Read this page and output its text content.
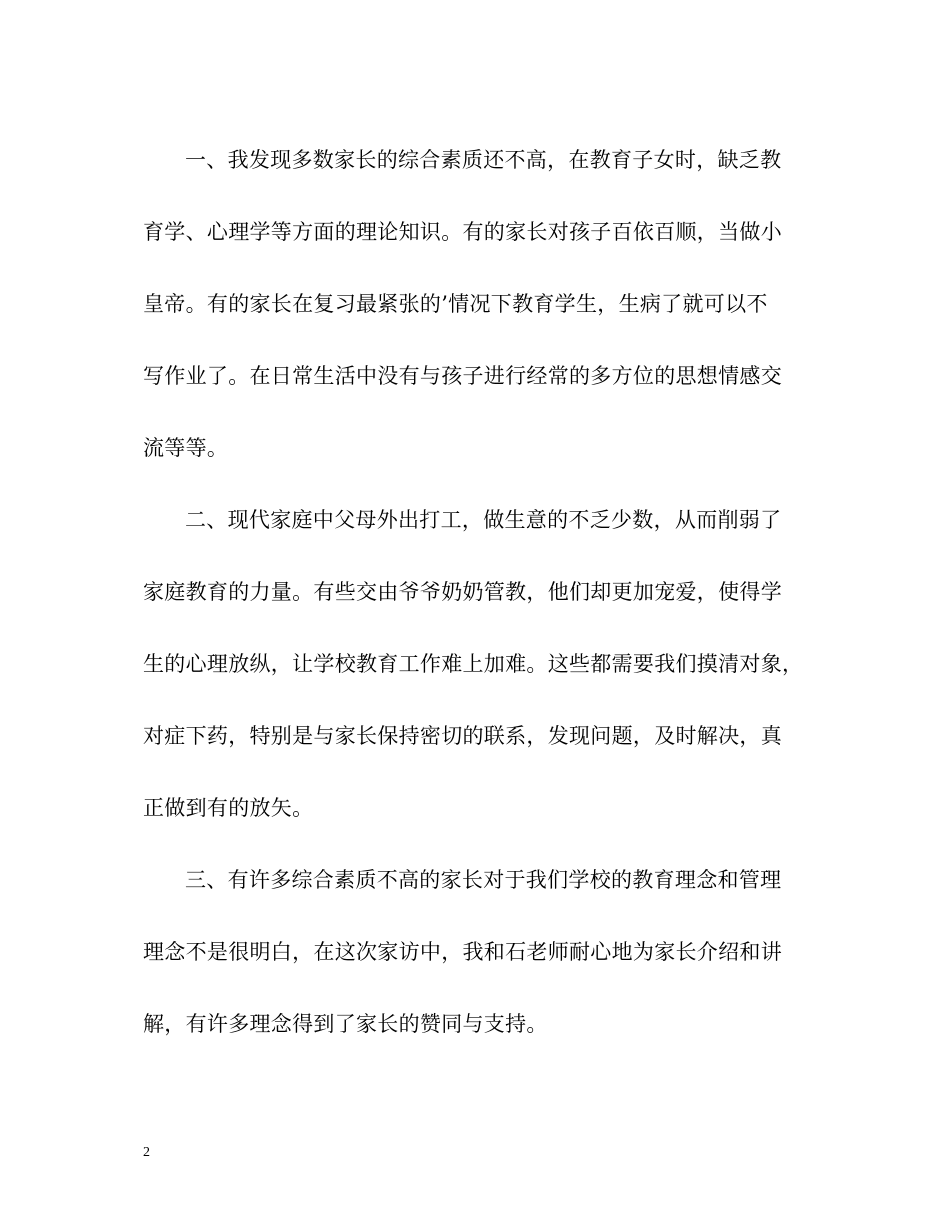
一、我发现多数家长的综合素质还不高，在教育子女时，缺乏教
育学、心理学等方面的理论知识。有的家长对孩子百依百顺，当做小
皇帝。有的家长在复习最紧张的’情况下教育学生，生病了就可以不
写作业了。在日常生活中没有与孩子进行经常的多方位的思想情感交
流等等。
二、现代家庭中父母外出打工，做生意的不乏少数，从而削弱了
家庭教育的力量。有些交由爷爷奶奶管教，他们却更加宠爱，使得学
生的心理放纵，让学校教育工作难上加难。这些都需要我们摸清对象，
对症下药，特别是与家长保持密切的联系，发现问题，及时解决，真
正做到有的放矢。
三、有许多综合素质不高的家长对于我们学校的教育理念和管理
理念不是很明白，在这次家访中，我和石老师耐心地为家长介绍和讲
解，有许多理念得到了家长的赞同与支持。
2
